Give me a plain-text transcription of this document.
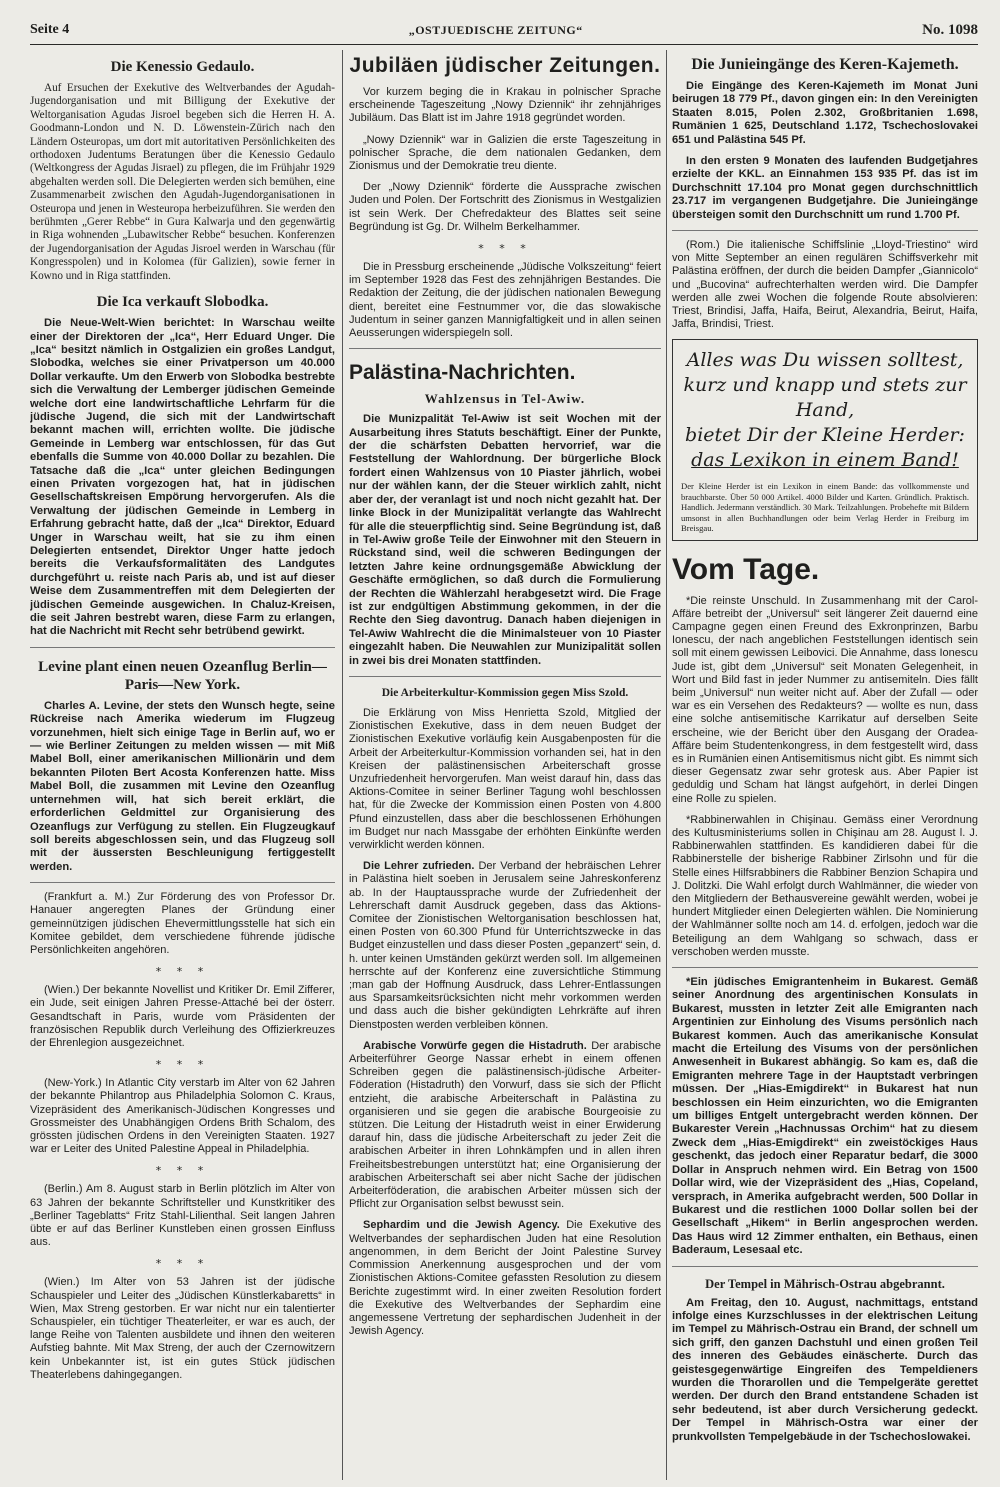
Seite 4	„OSTJUEDISCHE ZEITUNG“	No. 1098
Die Kenessio Gedaulo.

Auf Ersuchen der Exekutive des Weltverbandes der Agudah-Jugendorganisation und mit Billigung der Exekutive der Weltorganisation Agudas Jisroel begeben sich die Herren H. A. Goodmann-London und N. D. Löwenstein-Zürich nach den Ländern Osteuropas, um dort mit autoritativen Persönlichkeiten des orthodoxen Judentums Beratungen über die Kenessio Gedaulo (Weltkongress der Agudas Jisrael) zu pflegen, die im Frühjahr 1929 abgehalten werden soll. Die Delegierten werden sich bemühen, eine Zusammenarbeit zwischen den Agudah-Jugendorganisationen in Osteuropa und jenen in Westeuropa herbeizuführen. Sie werden den berühmten „Gerer Rebbe“ in Gura Kalwarja und den gegenwärtig in Riga wohnenden „Lubawitscher Rebbe“ besuchen. Konferenzen der Jugendorganisation der Agudas Jisroel werden in Warschau (für Kongresspolen) und in Kolomea (für Galizien), sowie ferner in Kowno und in Riga stattfinden.

Die Ica verkauft Slobodka.

Die Neue-Welt-Wien berichtet: In Warschau weilte einer der Direktoren der „Ica“, Herr Eduard Unger. Die „Ica“ besitzt nämlich in Ostgalizien ein großes Landgut, Slobodka, welches sie einer Privatperson um 40.000 Dollar verkaufte. Um den Erwerb von Slobodka bestrebte sich die Verwaltung der Lemberger jüdischen Gemeinde welche dort eine landwirtschaftliche Lehrfarm für die jüdische Jugend, die sich mit der Landwirtschaft bekannt machen will, errichten wollte. Die jüdische Gemeinde in Lemberg war entschlossen, für das Gut ebenfalls die Summe von 40.000 Dollar zu bezahlen. Die Tatsache daß die „Ica“ unter gleichen Bedingungen einen Privaten vorgezogen hat, hat in jüdischen Gesellschaftskreisen Empörung hervorgerufen. Als die Verwaltung der jüdischen Gemeinde in Lemberg in Erfahrung gebracht hatte, daß der „Ica“ Direktor, Eduard Unger in Warschau weilt, hat sie zu ihm einen Delegierten entsendet, Direktor Unger hatte jedoch bereits die Verkaufsformalitäten des Landgutes durchgeführt u. reiste nach Paris ab, und ist auf dieser Weise dem Zusammentreffen mit dem Delegierten der jüdischen Gemeinde ausgewichen. In Chaluz-Kreisen, die seit Jahren bestrebt waren, diese Farm zu erlangen, hat die Nachricht mit Recht sehr betrübend gewirkt.

Levine plant einen neuen Ozeanflug Berlin—Paris—New York.

Charles A. Levine, der stets den Wunsch hegte, seine Rückreise nach Amerika wiederum im Flugzeug vorzunehmen, hielt sich einige Tage in Berlin auf, wo er — wie Berliner Zeitungen zu melden wissen — mit Miß Mabel Boll, einer amerikanischen Millionärin und dem bekannten Piloten Bert Acosta Konferenzen hatte. Miss Mabel Boll, die zusammen mit Levine den Ozeanflug unternehmen will, hat sich bereit erklärt, die erforderlichen Geldmittel zur Organisierung des Ozeanflugs zur Verfügung zu stellen. Ein Flugzeugkauf soll bereits abgeschlossen sein, und das Flugzeug soll mit der äussersten Beschleunigung fertiggestellt werden.

(Frankfurt a. M.) Zur Förderung des von Professor Dr. Hanauer angeregten Planes der Gründung einer gemeinnützigen jüdischen Ehevermittlungsstelle hat sich ein Komitee gebildet, dem verschiedene führende jüdische Persönlichkeiten angehören.

* * *

(Wien.) Der bekannte Novellist und Kritiker Dr. Emil Zifferer, ein Jude, seit einigen Jahren Presse-Attaché bei der österr. Gesandtschaft in Paris, wurde vom Präsidenten der französischen Republik durch Verleihung des Offizierkreuzes der Ehrenlegion ausgezeichnet.

* * *

(New-York.) In Atlantic City verstarb im Alter von 62 Jahren der bekannte Philantrop aus Philadelphia Solomon C. Kraus, Vizepräsident des Amerikanisch-Jüdischen Kongresses und Grossmeister des Unabhängigen Ordens Brith Schalom, des grössten jüdischen Ordens in den Vereinigten Staaten. 1927 war er Leiter des United Palestine Appeal in Philadelphia.

* * *

(Berlin.) Am 8. August starb in Berlin plötzlich im Alter von 63 Jahren der bekannte Schriftsteller und Kunstkritiker des „Berliner Tageblatts“ Fritz Stahl-Lilienthal. Seit langen Jahren übte er auf das Berliner Kunstleben einen grossen Einfluss aus.

* * *

(Wien.) Im Alter von 53 Jahren ist der jüdische Schauspieler und Leiter des „Jüdischen Künstlerkabaretts“ in Wien, Max Streng gestorben. Er war nicht nur ein talentierter Schauspieler, ein tüchtiger Theaterleiter, er war es auch, der lange Reihe von Talenten ausbildete und ihnen den weiteren Aufstieg bahnte. Mit Max Streng, der auch der Czernowitzern kein Unbekannter ist, ist ein gutes Stück jüdischen Theaterlebens dahingegangen.

Jubiläen jüdischer Zeitungen.

Vor kurzem beging die in Krakau in polnischer Sprache erscheinende Tageszeitung „Nowy Dziennik“ ihr zehnjähriges Jubiläum. Das Blatt ist im Jahre 1918 gegründet worden.

„Nowy Dziennik“ war in Galizien die erste Tageszeitung in polnischer Sprache, die dem nationalen Gedanken, dem Zionismus und der Demokratie treu diente.

Der „Nowy Dziennik“ förderte die Aussprache zwischen Juden und Polen. Der Fortschritt des Zionismus in Westgalizien ist sein Werk. Der Chefredakteur des Blattes seit seine Begründung ist Gg. Dr. Wilhelm Berkelhammer.

* * *

Die in Pressburg erscheinende „Jüdische Volkszeitung“ feiert im September 1928 das Fest des zehnjährigen Bestandes. Die Redaktion der Zeitung, die der jüdischen nationalen Bewegung dient, bereitet eine Festnummer vor, die das slowakische Judentum in seiner ganzen Mannigfaltigkeit und in allen seinen Aeusserungen widerspiegeln soll.

Palästina-Nachrichten.
Wahlzensus in Tel-Awiw.

Die Munizpalität Tel-Awiw ist seit Wochen mit der Ausarbeitung ihres Statuts beschäftigt. Einer der Punkte, der die schärfsten Debatten hervorrief, war die Feststellung der Wahlordnung. Der bürgerliche Block fordert einen Wahlzensus von 10 Piaster jährlich, wobei nur der wählen kann, der die Steuer wirklich zahlt, nicht aber der, der veranlagt ist und noch nicht gezahlt hat. Der linke Block in der Munizipalität verlangte das Wahlrecht für alle die steuerpflichtig sind. Seine Begründung ist, daß in Tel-Awiw große Teile der Einwohner mit den Steuern in Rückstand sind, weil die schweren Bedingungen der letzten Jahre keine ordnungsgemäße Abwicklung der Geschäfte ermöglichen, so daß durch die Formulierung der Rechten die Wählerzahl herabgesetzt wird. Die Frage ist zur endgültigen Abstimmung gekommen, in der die Rechte den Sieg davontrug. Danach haben diejenigen in Tel-Awiw Wahlrecht die die Minimalsteuer von 10 Piaster eingezahlt haben. Die Neuwahlen zur Munizipalität sollen in zwei bis drei Monaten stattfinden.

Die Arbeiterkultur-Kommission gegen Miss Szold.

Die Erklärung von Miss Henrietta Szold, Mitglied der Zionistischen Exekutive, dass in dem neuen Budget der Zionistischen Exekutive vorläufig kein Ausgabenposten für die Arbeit der Arbeiterkultur-Kommission vorhanden sei, hat in den Kreisen der palästinensischen Arbeiterschaft grosse Unzufriedenheit hervorgerufen. Man weist darauf hin, dass das Aktions-Comitee in seiner Berliner Tagung wohl beschlossen hat, für die Zwecke der Kommission einen Posten von 4.800 Pfund einzustellen, dass aber die beschlossenen Erhöhungen im Budget nur nach Massgabe der erhöhten Einkünfte werden verwirklicht werden können.

Die Lehrer zufrieden. Der Verband der hebräischen Lehrer in Palästina hielt soeben in Jerusalem seine Jahreskonferenz ab. In der Hauptaussprache wurde der Zufriedenheit der Lehrerschaft damit Ausdruck gegeben, dass das Aktions-Comitee der Zionistischen Weltorganisation beschlossen hat, einen Posten von 60.300 Pfund für Unterrichtszwecke in das Budget einzustellen und dass dieser Posten „gepanzert“ sein, d. h. unter keinen Umständen gekürzt werden soll. Im allgemeinen herrschte auf der Konferenz eine zuversichtliche Stimmung ;man gab der Hoffnung Ausdruck, dass Lehrer-Entlassungen aus Sparsamkeitsrücksichten nicht mehr vorkommen werden und dass auch die bisher gekündigten Lehrkräfte auf ihren Dienstposten werden verbleiben können.

Arabische Vorwürfe gegen die Histadruth. Der arabische Arbeiterführer George Nassar erhebt in einem offenen Schreiben gegen die palästinensisch-jüdische Arbeiter-Föderation (Histadruth) den Vorwurf, dass sie sich der Pflicht entzieht, die arabische Arbeiterschaft in Palästina zu organisieren und sie gegen die arabische Bourgeoisie zu stützen. Die Leitung der Histadruth weist in einer Erwiderung darauf hin, dass die jüdische Arbeiterschaft zu jeder Zeit die arabischen Arbeiter in ihren Lohnkämpfen und in allen ihren Freiheitsbestrebungen unterstützt hat; eine Organisierung der arabischen Arbeiterschaft sei aber nicht Sache der jüdischen Arbeiterföderation, die arabischen Arbeiter müssen sich der Pflicht zur Organisation selbst bewusst sein.

Sephardim und die Jewish Agency. Die Exekutive des Weltverbandes der sephardischen Juden hat eine Resolution angenommen, in dem Bericht der Joint Palestine Survey Commission Anerkennung ausgesprochen und der vom Zionistischen Aktions-Comitee gefassten Resolution zu diesem Berichte zugestimmt wird. In einer zweiten Resolution fordert die Exekutive des Weltverbandes der Sephardim eine angemessene Vertretung der sephardischen Judenheit in der Jewish Agency.

Die Junieingänge des Keren-Kajemeth.

Die Eingänge des Keren-Kajemeth im Monat Juni beirugen 18 779 Pf., davon gingen ein: In den Vereinigten Staaten 8.015, Polen 2.302, Großbritanien 1.698, Rumänien 1 625, Deutschland 1.172, Tschechoslovakei 651 und Palästina 545 Pf.

In den ersten 9 Monaten des laufenden Budgetjahres erzielte der KKL. an Einnahmen 153 935 Pf. das ist im Durchschnitt 17.104 pro Monat gegen durchschnittlich 23.717 im vergangenen Budgetjahre. Die Junieingänge übersteigen somit den Durchschnitt um rund 1.700 Pf.

(Rom.) Die italienische Schiffslinie „Lloyd-Triestino“ wird von Mitte September an einen regulären Schiffsverkehr mit Palästina eröffnen, der durch die beiden Dampfer „Giannicolo“ und „Bucovina“ aufrechterhalten werden wird. Die Dampfer werden alle zwei Wochen die folgende Route absolvieren: Triest, Brindisi, Jaffa, Haifa, Beirut, Alexandria, Beirut, Haifa, Jaffa, Brindisi, Triest.

Alles was Du wissen solltest,
kurz und knapp und stets zur Hand,
bietet Dir der Kleine Herder:
das Lexikon in einem Band!

Der Kleine Herder ist ein Lexikon in einem Bande: das vollkommenste und brauchbarste. Über 50 000 Artikel. 4000 Bilder und Karten. Gründlich. Praktisch. Handlich. Jedermann verständlich. 30 Mark. Teilzahlungen. Probehefte mit Bildern umsonst in allen Buchhandlungen oder beim Verlag Herder in Freiburg im Breisgau.

Vom Tage.

*Die reinste Unschuld. In Zusammenhang mit der Carol-Affäre betreibt der „Universul“ seit längerer Zeit dauernd eine Campagne gegen einen Freund des Exkronprinzen, Barbu Ionescu, der nach angeblichen Feststellungen identisch sein soll mit einem gewissen Leibovici. Die Annahme, dass Ionescu Jude ist, gibt dem „Universul“ seit Monaten Gelegenheit, in Wort und Bild fast in jeder Nummer zu antisemiteln. Dies fällt beim „Universul“ nun weiter nicht auf. Aber der Zufall — oder war es ein Versehen des Redakteurs? — wollte es nun, dass eine solche antisemitische Karrikatur auf derselben Seite erscheine, wie der Bericht über den Ausgang der Oradea-Affäre beim Studentenkongress, in dem festgestellt wird, dass es in Rumänien einen Antisemitismus nicht gibt. Es nimmt sich dieser Gegensatz zwar sehr grotesk aus. Aber Papier ist geduldig und Scham hat längst aufgehört, in derlei Dingen eine Rolle zu spielen.

*Rabbinerwahlen in Chişinau. Gemäss einer Verordnung des Kultusministeriums sollen in Chişinau am 28. August l. J. Rabbinerwahlen stattfinden. Es kandidieren dabei für die Rabbinerstelle der bisherige Rabbiner Zirlsohn und für die Stelle eines Hilfsrabbiners die Rabbiner Benzion Schapira und J. Dolitzki. Die Wahl erfolgt durch Wahlmänner, die wieder von den Mitgliedern der Bethausvereine gewählt werden, wobei je hundert Mitglieder einen Delegierten wählen. Die Nominierung der Wahlmänner sollte noch am 14. d. erfolgen, jedoch war die Beteiligung an dem Wahlgang so schwach, dass er verschoben werden musste.

*Ein jüdisches Emigrantenheim in Bukarest. Gemäß seiner Anordnung des argentinischen Konsulats in Bukarest, mussten in letzter Zeit alle Emigranten nach Argentinien zur Einholung des Visums persönlich nach Bukarest kommen. Auch das amerikanische Konsulat macht die Erteilung des Visums von der persönlichen Anwesenheit in Bukarest abhängig. So kam es, daß die Emigranten mehrere Tage in der Hauptstadt verbringen müssen. Der „Hias-Emigdirekt“ in Bukarest hat nun beschlossen ein Heim einzurichten, wo die Emigranten um billiges Entgelt untergebracht werden können. Der Bukarester Verein „Hachnussas Orchim“ hat zu diesem Zweck dem „Hias-Emigdirekt“ ein zweistöckiges Haus geschenkt, das jedoch einer Reparatur bedarf, die 3000 Dollar in Anspruch nehmen wird. Ein Betrag von 1500 Dollar wird, wie der Vizepräsident des „Hias, Copeland, versprach, in Amerika aufgebracht werden, 500 Dollar in Bukarest und die restlichen 1000 Dollar sollen bei der Gesellschaft „Hikem“ in Berlin angesprochen werden. Das Haus wird 12 Zimmer enthalten, ein Bethaus, einen Baderaum, Lesesaal etc.

Der Tempel in Mährisch-Ostrau abgebrannt.

Am Freitag, den 10. August, nachmittags, entstand infolge eines Kurzschlusses in der elektrischen Leitung im Tempel zu Mährisch-Ostrau ein Brand, der schnell um sich griff, den ganzen Dachstuhl und einen großen Teil des inneren des Gebäudes einäscherte. Durch das geistesgegenwärtige Eingreifen des Tempeldieners wurden die Thorarollen und die Tempelgeräte gerettet werden. Der durch den Brand entstandene Schaden ist sehr bedeutend, ist aber durch Versicherung gedeckt. Der Tempel in Mährisch-Ostra war einer der prunkvollsten Tempelgebäude in der Tschechoslowakei.
